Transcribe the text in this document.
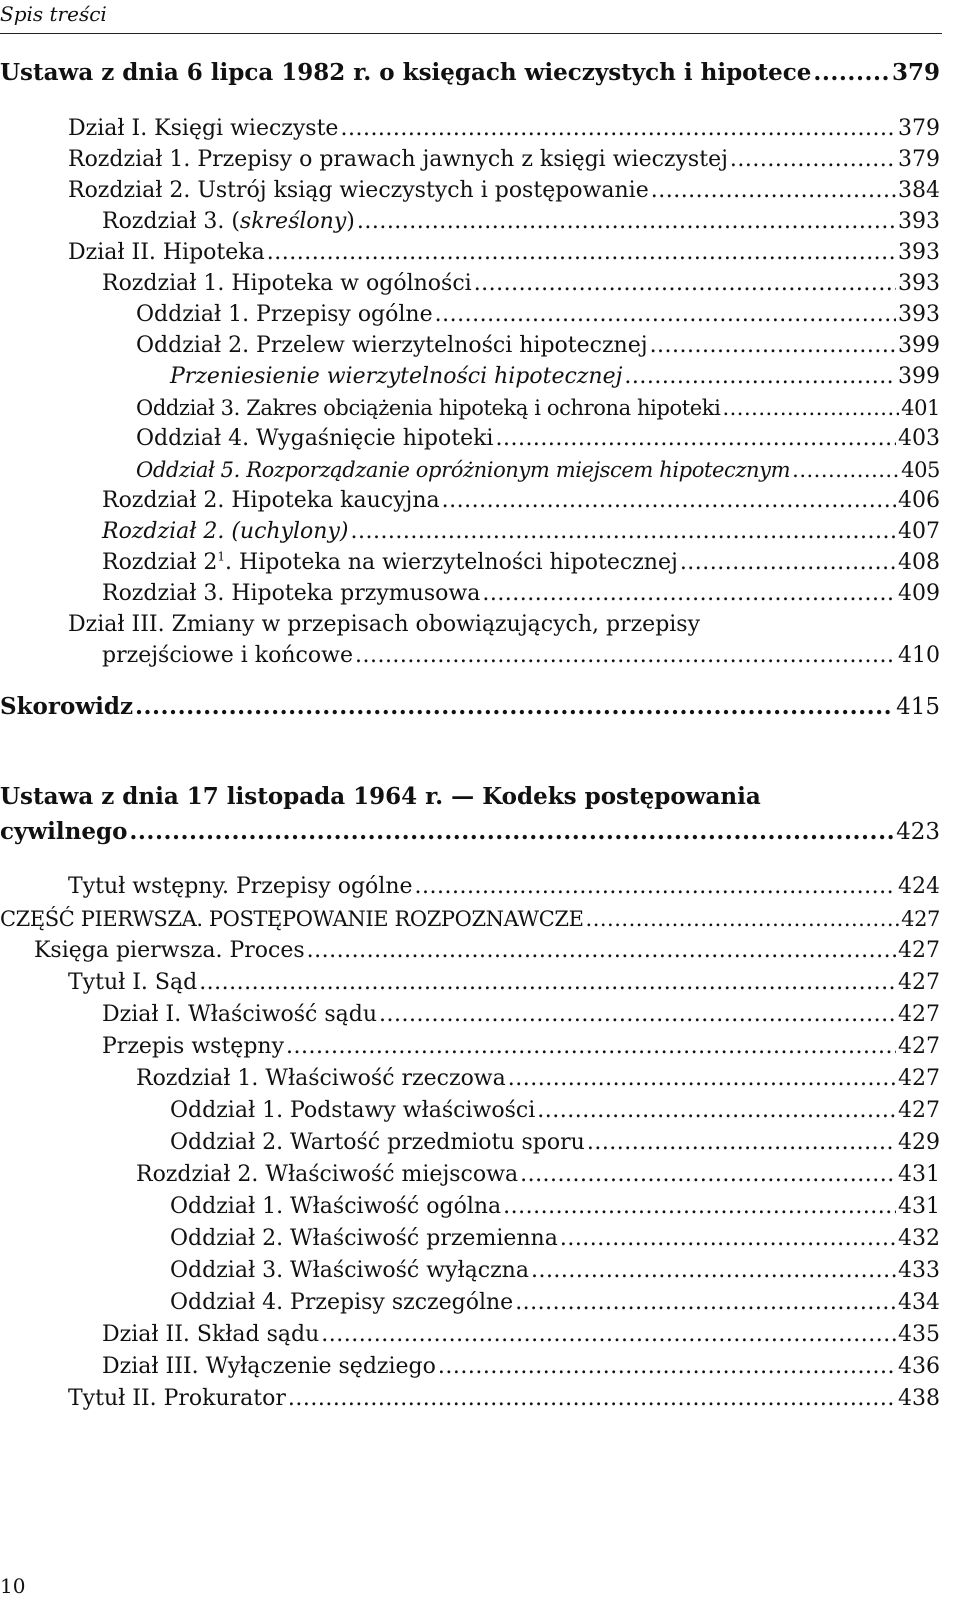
Spis treści
Ustawa z dnia 6 lipca 1982 r. o księgach wieczystych i hipotece .....	379
Dział I. Księgi wieczyste .....	379
Rozdział 1. Przepisy o prawach jawnych z księgi wieczystej .....	379
Rozdział 2. Ustrój ksiąg wieczystych i postępowanie .....	384
Rozdział 3. (skreślony) .....	393
Dział II. Hipoteka .....	393
Rozdział 1. Hipoteka w ogólności .....	393
Oddział 1. Przepisy ogólne .....	393
Oddział 2. Przelew wierzytelności hipotecznej .....	399
Przeniesienie wierzytelności hipotecznej .....	399
Oddział 3. Zakres obciążenia hipoteką i ochrona hipoteki .....	401
Oddział 4. Wygaśnięcie hipoteki .....	403
Oddział 5. Rozporządzanie opróżnionym miejscem hipotecznym .....	405
Rozdział 2. Hipoteka kaucyjna .....	406
Rozdział 2. (uchylony) .....	407
Rozdział $2^1$. Hipoteka na wierzytelności hipotecznej .....	408
Rozdział 3. Hipoteka przymusowa .....	409
Dział III. Zmiany w przepisach obowiązujących, przepisy
przejściowe i końcowe .....	410
Skorowidz .....	415
Ustawa z dnia 17 listopada 1964 r. — Kodeks postępowania
cywilnego .....	423
Tytuł wstępny. Przepisy ogólne .....	424
CZĘŚĆ PIERWSZA. POSTĘPOWANIE ROZPOZNAWCZE .....	427
Księga pierwsza. Proces .....	427
Tytuł I. Sąd .....	427
Dział I. Właściwość sądu .....	427
Przepis wstępny .....	427
Rozdział 1. Właściwość rzeczowa .....	427
Oddział 1. Podstawy właściwości .....	427
Oddział 2. Wartość przedmiotu sporu .....	429
Rozdział 2. Właściwość miejscowa .....	431
Oddział 1. Właściwość ogólna .....	431
Oddział 2. Właściwość przemienna .....	432
Oddział 3. Właściwość wyłączna .....	433
Oddział 4. Przepisy szczególne .....	434
Dział II. Skład sądu .....	435
Dział III. Wyłączenie sędziego .....	436
Tytuł II. Prokurator .....	438
10
